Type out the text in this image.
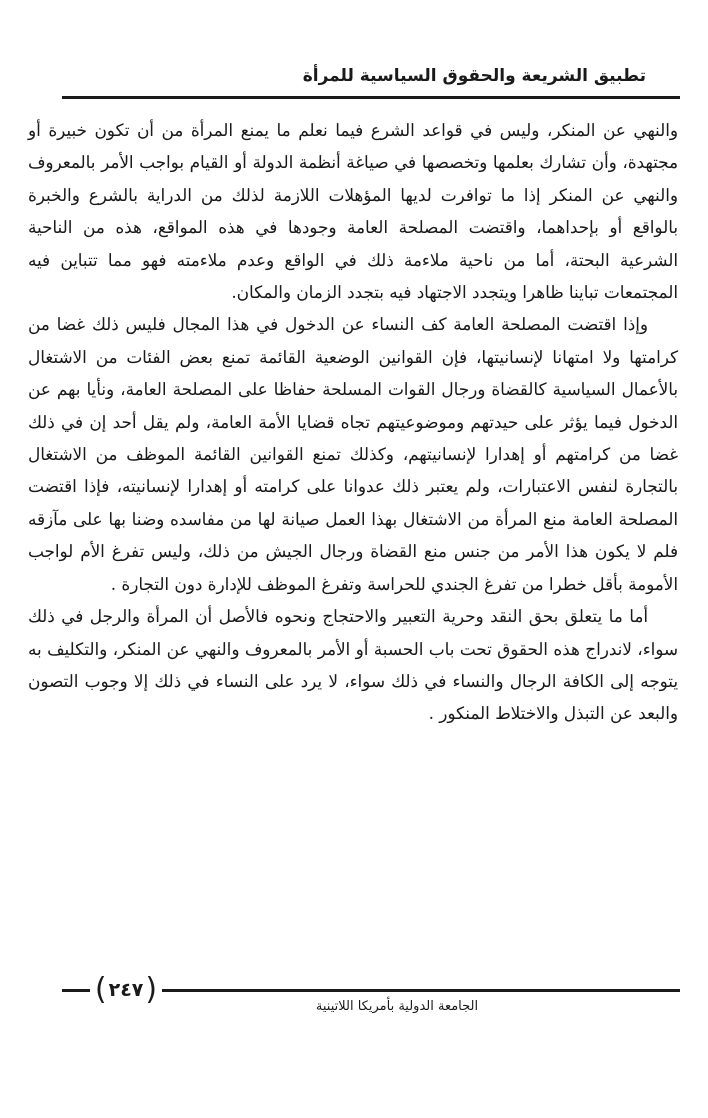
تطبيق الشريعة والحقوق السياسية للمرأة

والنهي عن المنكر، وليس في قواعد الشرع فيما نعلم ما يمنع المرأة من أن تكون خبيرة أو مجتهدة، وأن تشارك بعلمها وتخصصها في صياغة أنظمة الدولة أو القيام بواجب الأمر بالمعروف والنهي عن المنكر إذا ما توافرت لديها المؤهلات اللازمة لذلك من الدراية بالشرع والخبرة بالواقع أو بإحداهما، واقتضت المصلحة العامة وجودها في هذه المواقع، هذه من الناحية الشرعية البحتة، أما من ناحية ملاءمة ذلك في الواقع وعدم ملاءمته فهو مما تتباين فيه المجتمعات تباينا ظاهرا ويتجدد الاجتهاد فيه بتجدد الزمان والمكان.

وإذا اقتضت المصلحة العامة كف النساء عن الدخول في هذا المجال فليس ذلك غضا من كرامتها ولا امتهانا لإنسانيتها، فإن القوانين الوضعية القائمة تمنع بعض الفئات من الاشتغال بالأعمال السياسية كالقضاة ورجال القوات المسلحة حفاظا على المصلحة العامة، ونأيا بهم عن الدخول فيما يؤثر على حيدتهم وموضوعيتهم تجاه قضايا الأمة العامة، ولم يقل أحد إن في ذلك غضا من كرامتهم أو إهدارا لإنسانيتهم، وكذلك تمنع القوانين القائمة الموظف من الاشتغال بالتجارة لنفس الاعتبارات، ولم يعتبر ذلك عدوانا على كرامته أو إهدارا لإنسانيته، فإذا اقتضت المصلحة العامة منع المرأة من الاشتغال بهذا العمل صيانة لها من مفاسده وضنا بها على مآزقه فلم لا يكون هذا الأمر من جنس منع القضاة ورجال الجيش من ذلك، وليس تفرغ الأم لواجب الأمومة بأقل خطرا من تفرغ الجندي للحراسة وتفرغ الموظف للإدارة دون التجارة .

أما ما يتعلق بحق النقد وحرية التعبير والاحتجاج ونحوه فالأصل أن المرأة والرجل في ذلك سواء، لاندراج هذه الحقوق تحت باب الحسبة أو الأمر بالمعروف والنهي عن المنكر، والتكليف به يتوجه إلى الكافة الرجال والنساء في ذلك سواء، لا يرد على النساء في ذلك إلا وجوب التصون والبعد عن التبذل والاختلاط المنكور .

(
٢٤٧
)	الجامعة الدولية بأمريكا اللاتينية
